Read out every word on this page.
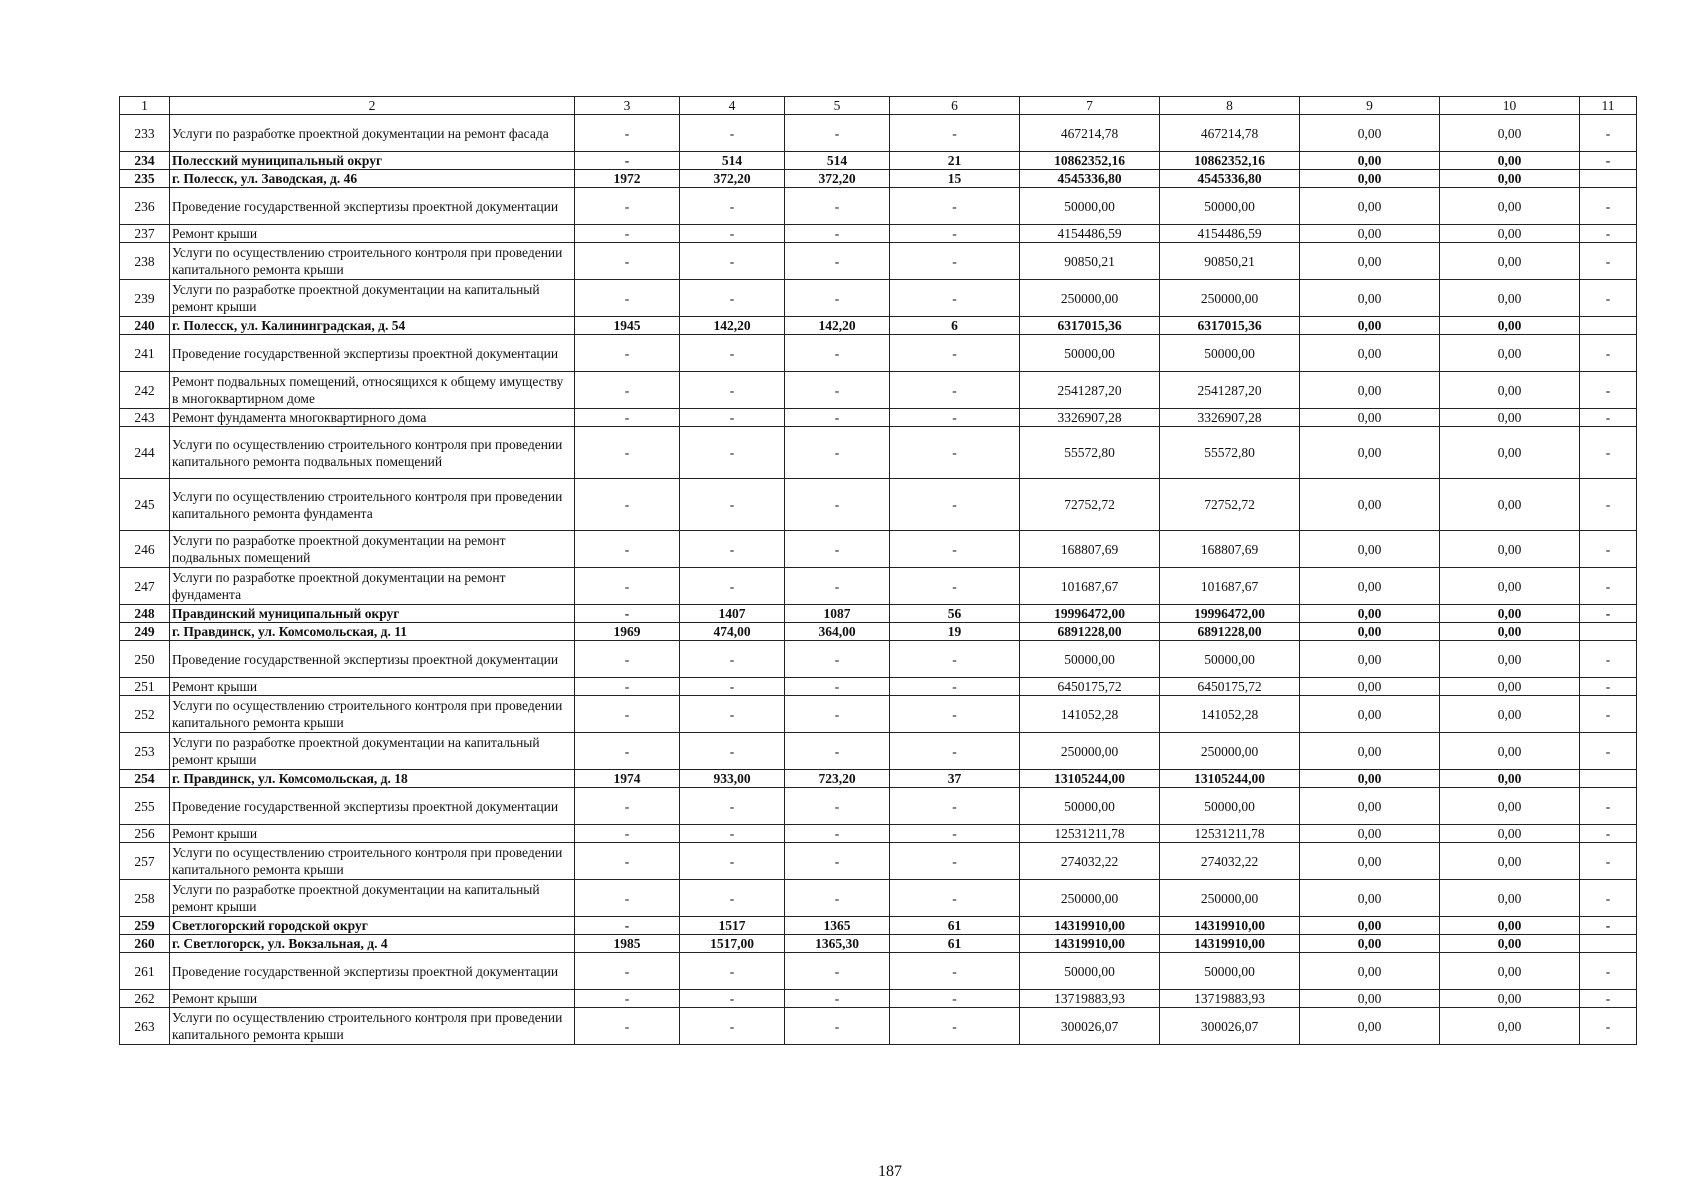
1	2	3	4	5	6	7	8	9	10	11
233	Услуги по разработке проектной документации на ремонт фасада	-	-	-	-	467214,78	467214,78	0,00	0,00	-
234	Полесский муниципальный округ	-	514	514	21	10862352,16	10862352,16	0,00	0,00	-
235	г. Полесск, ул. Заводская, д. 46	1972	372,20	372,20	15	4545336,80	4545336,80	0,00	0,00	
236	Проведение государственной экспертизы проектной документации	-	-	-	-	50000,00	50000,00	0,00	0,00	-
237	Ремонт крыши	-	-	-	-	4154486,59	4154486,59	0,00	0,00	-
238	Услуги по осуществлению строительного контроля при проведении капитального ремонта крыши	-	-	-	-	90850,21	90850,21	0,00	0,00	-
239	Услуги по разработке проектной документации на капитальный ремонт крыши	-	-	-	-	250000,00	250000,00	0,00	0,00	-
240	г. Полесск, ул. Калининградская, д. 54	1945	142,20	142,20	6	6317015,36	6317015,36	0,00	0,00	
241	Проведение государственной экспертизы проектной документации	-	-	-	-	50000,00	50000,00	0,00	0,00	-
242	Ремонт подвальных помещений, относящихся к общему имуществу в многоквартирном доме	-	-	-	-	2541287,20	2541287,20	0,00	0,00	-
243	Ремонт фундамента многоквартирного дома	-	-	-	-	3326907,28	3326907,28	0,00	0,00	-
244	Услуги по осуществлению строительного контроля при проведении капитального ремонта подвальных помещений	-	-	-	-	55572,80	55572,80	0,00	0,00	-
245	Услуги по осуществлению строительного контроля при проведении капитального ремонта фундамента	-	-	-	-	72752,72	72752,72	0,00	0,00	-
246	Услуги по разработке проектной документации на ремонт подвальных помещений	-	-	-	-	168807,69	168807,69	0,00	0,00	-
247	Услуги по разработке проектной документации на ремонт фундамента	-	-	-	-	101687,67	101687,67	0,00	0,00	-
248	Правдинский муниципальный округ	-	1407	1087	56	19996472,00	19996472,00	0,00	0,00	-
249	г. Правдинск, ул. Комсомольская, д. 11	1969	474,00	364,00	19	6891228,00	6891228,00	0,00	0,00	
250	Проведение государственной экспертизы проектной документации	-	-	-	-	50000,00	50000,00	0,00	0,00	-
251	Ремонт крыши	-	-	-	-	6450175,72	6450175,72	0,00	0,00	-
252	Услуги по осуществлению строительного контроля при проведении капитального ремонта крыши	-	-	-	-	141052,28	141052,28	0,00	0,00	-
253	Услуги по разработке проектной документации на капитальный ремонт крыши	-	-	-	-	250000,00	250000,00	0,00	0,00	-
254	г. Правдинск, ул. Комсомольская, д. 18	1974	933,00	723,20	37	13105244,00	13105244,00	0,00	0,00	
255	Проведение государственной экспертизы проектной документации	-	-	-	-	50000,00	50000,00	0,00	0,00	-
256	Ремонт крыши	-	-	-	-	12531211,78	12531211,78	0,00	0,00	-
257	Услуги по осуществлению строительного контроля при проведении капитального ремонта крыши	-	-	-	-	274032,22	274032,22	0,00	0,00	-
258	Услуги по разработке проектной документации на капитальный ремонт крыши	-	-	-	-	250000,00	250000,00	0,00	0,00	-
259	Светлогорский городской округ	-	1517	1365	61	14319910,00	14319910,00	0,00	0,00	-
260	г. Светлогорск, ул. Вокзальная, д. 4	1985	1517,00	1365,30	61	14319910,00	14319910,00	0,00	0,00	
261	Проведение государственной экспертизы проектной документации	-	-	-	-	50000,00	50000,00	0,00	0,00	-
262	Ремонт крыши	-	-	-	-	13719883,93	13719883,93	0,00	0,00	-
263	Услуги по осуществлению строительного контроля при проведении капитального ремонта крыши	-	-	-	-	300026,07	300026,07	0,00	0,00	-
187
